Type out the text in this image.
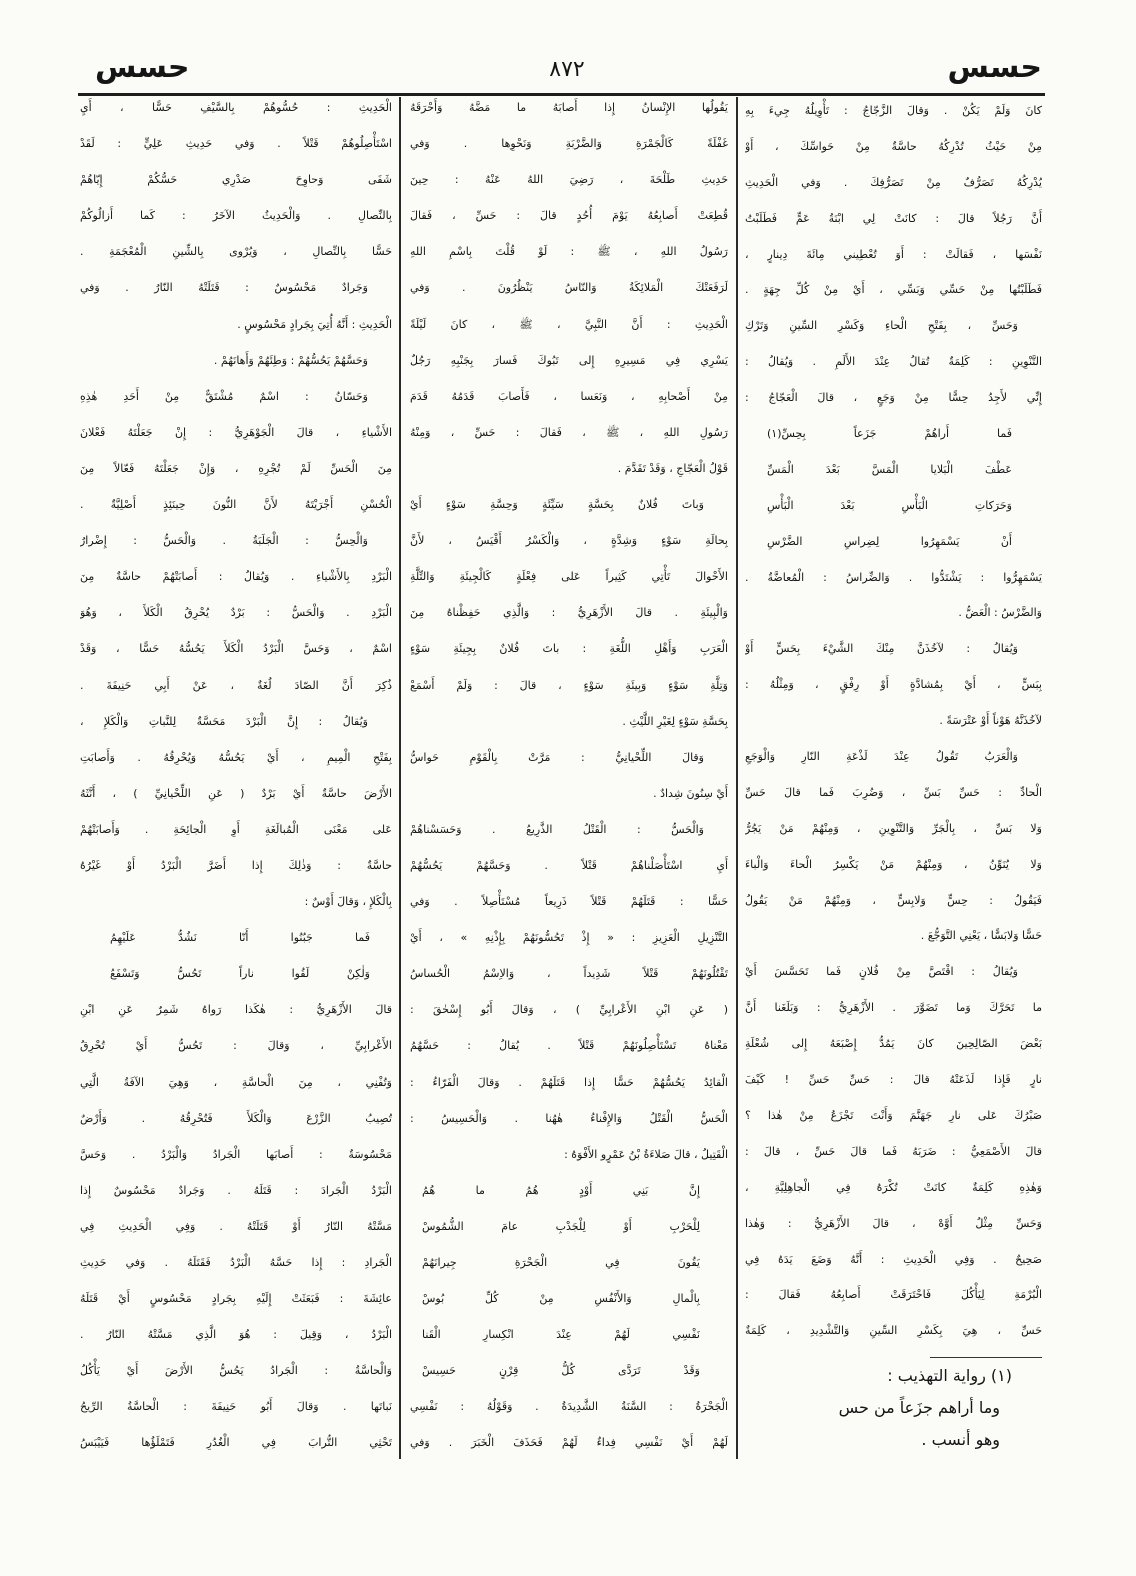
حسس
٨٧٢
حسس
كانَ وَلَمْ يَكُنْ . وَقالَ الزَّجّاجُ : تَأْوِيلُهُ جِيءَ بِهِ
مِنْ حَيْثُ تُدْرِكُهُ حاسَّةٌ مِنْ حَواسِّكَ ، أَوْ
يُدْرِكُهُ تَصَرُّفٌ مِنْ تَصَرُّفِكَ . وَفي الْحَدِيثِ
أَنَّ رَجُلاً قالَ : كانَتْ لِي ابْنَةُ عَمٍّ فَطَلَبْتُ
نَفْسَها ، فَقالَتْ : أَوَ تُعْطِيني مِائَةَ دِينارٍ ،
فَطَلَبْتُها مِنْ حَسِّي وَبَسِّي ، أَيْ مِنْ كُلِّ جِهَةٍ .
وَحَسِّ ، بِفَتْحِ الْحاءِ وَكَسْرِ السِّينِ وَتَرْكِ
التَّنْوِينِ : كَلِمَةٌ تُقالُ عِنْدَ الأَلَمِ . وَيُقالُ :
إِنِّي لأَجِدُ حِسًّا مِنْ وَجَعٍ ، قالَ الْعَجّاجُ :
فَما أَراهُمْ جَزَعاً بِحِسِّ(١)
عَطْفَ الْبَلايا الْمَسَّ بَعْدَ الْمَسِّ
وَحَرَكاتِ الْبَأْسِ بَعْدَ الْبَأْسِ
أَنْ يَسْمَهِرُوا لِضِراسِ الضَّرْسِ
يَسْمَهِرُّوا : يَشْتَدُّوا . وَالضِّراسُ : الْمُعاضَّةُ .
وَالضَّرْسُ : الْعَضُّ .
وَيُقالُ : لآخُذَنَّ مِنْكَ الشَّيْءَ بِحَسٍّ أَوْ
بِبَسٍّ ، أَيْ بِمُشادَّةٍ أَوْ رِفْقٍ ، وَمِثْلُهُ :
لآخُذَنَّهُ هَوْناً أَوْ عَتْرَسَةً .
وَالْعَرَبُ تَقُولُ عِنْدَ لَذْعَةِ النّارِ وَالْوَجَعِ
الْحادِّ : حَسِّ بَسِّ ، وَضُرِبَ فَما قالَ حَسِّ
وَلا بَسِّ ، بِالْجَرِّ وَالتَّنْوِينِ ، وَمِنْهُمْ مَنْ يَجُرُّ
وَلا يُنَوِّنُ ، وَمِنْهُمْ مَنْ يَكْسِرُ الْحاءَ وَالْباءَ
فَيَقُولُ : حِسٍّ وَلابِسٍّ ، وَمِنْهُمْ مَنْ يَقُولُ
حَسًّا وَلابَسًّا ، يَعْنِي التَّوَجُّعَ .
وَيُقالُ : اقْتَصَّ مِنْ فُلانٍ فَما تَحَسَّسَ أَيْ
ما تَحَرَّكَ وَما تَضَوَّرَ . الأَزْهَرِيُّ : وَبَلَغَنا أَنَّ
بَعْضَ الصّالِحِينَ كانَ يَمُدُّ إِصْبَعَهُ إِلى شُعْلَةِ
نارٍ فَإِذا لَذَعَتْهُ قالَ : حَسِّ حَسِّ ! كَيْفَ
صَبْرُكَ عَلى نارِ جَهَنَّمَ وَأَنْتَ تَجْزَعُ مِنْ هٰذا ؟
قالَ الأَصْمَعِيُّ : ضَرَبَهُ فَما قالَ حَسِّ ، قالَ :
وَهٰذِهِ كَلِمَةٌ كانَتْ تُكْرَهُ فِي الْجاهِلِيَّةِ ،
وَحَسِّ مِثْلُ أَوَّهْ ، قالَ الأَزْهَرِيُّ : وَهٰذا
صَحِيحٌ . وَفِي الْحَدِيثِ : أَنَّهُ وَضَعَ يَدَهُ فِي
الْبُرْمَةِ لِيَأْكُلَ فَاحْتَرَقَتْ أَصابِعُهُ فَقالَ :
حَسِّ ، هِيَ بِكَسْرِ السِّينِ وَالتَّشْدِيدِ ، كَلِمَةٌ
يَقُولُها الإِنْسانُ إِذا أَصابَهُ ما مَضَّهُ وَأَحْرَقَهُ
غَفْلَةً كَالْجَمْرَةِ وَالضَّرْبَةِ وَنَحْوِها . وَفي
حَدِيثِ طَلْحَةَ ، رَضِيَ اللهُ عَنْهُ : حِينَ
قُطِعَتْ أَصابِعُهُ يَوْمَ أُحُدٍ قالَ : حَسِّ ، فَقالَ
رَسُولُ اللهِ ، ﷺ : لَوْ قُلْتَ بِاسْمِ اللهِ
لَرَفَعَتْكَ الْمَلائِكَةُ وَالنّاسُ يَنْظُرُونَ . وَفي
الْحَدِيثِ : أَنَّ النَّبِيَّ ، ﷺ ، كانَ لَيْلَةً
يَسْرِي فِي مَسِيرِهِ إِلى تَبُوكَ فَسارَ بِجَنْبِهِ رَجُلٌ
مِنْ أَصْحابِهِ ، وَنَعَسا ، فَأَصابَ قَدَمُهُ قَدَمَ
رَسُولِ اللهِ ، ﷺ ، فَقالَ : حَسِّ ، وَمِنْهُ
قَوْلُ الْعَجّاجِ ، وَقَدْ تَقَدَّمَ .
وَباتَ فُلانٌ بِحَسَّةٍ سَيِّئَةٍ وَحِسَّةِ سَوْءٍ أَيْ
بِحالَةِ سَوْءٍ وَشِدَّةٍ ، وَالْكَسْرُ أَقْيَسُ ، لأَنَّ
الأَحْوالَ تَأْتِي كَثِيراً عَلى فِعْلَةٍ كَالْجِيئَةِ وَالتِّلَّةِ
وَالْبِيئَةِ . قالَ الأَزْهَرِيُّ : وَالَّذِي حَفِظْناهُ مِنَ
الْعَرَبِ وَأَهْلِ اللُّغَةِ : باتَ فُلانٌ بِجِيئَةِ سَوْءٍ
وَتِلَّةِ سَوْءٍ وَبِيئَةِ سَوْءٍ ، قالَ : وَلَمْ أَسْمَعْ
بِحَسَّةِ سَوْءٍ لِغَيْرِ اللَّيْثِ .
وَقالَ اللِّحْيانِيُّ : مَرَّتْ بِالْقَوْمِ حَواسُّ
أَيْ سِنُونَ شِدادٌ .
وَالْحَسُّ : الْقَتْلُ الذَّرِيعُ . وَحَسَسْناهُمْ
أَيِ اسْتَأْصَلْناهُمْ قَتْلاً . وَحَسَّهُمْ يَحُسُّهُمْ
حَسًّا : قَتَلَهُمْ قَتْلاً ذَرِيعاً مُسْتَأْصِلاً . وَفي
التَّنْزِيلِ الْعَزِيزِ : « إِذْ تَحُسُّونَهُمْ بِإِذْنِهِ » ، أَيْ
تَقْتُلُونَهُمْ قَتْلاً شَدِيداً ، وَالاِسْمُ الْحُساسُ
( عَنِ ابْنِ الأَعْرابِيِّ ) ، وَقالَ أَبُو إِسْحٰقَ :
مَعْناهُ تَسْتَأْصِلُونَهُمْ قَتْلاً . يُقالُ : حَسَّهُمُ
الْقائِدُ يَحُسُّهُمْ حَسًّا إِذا قَتَلَهُمْ . وَقالَ الْفَرّاءُ :
الْحَسُّ الْقَتْلُ وَالإِفْناءُ هٰهُنا . وَالْحَسِيسُ :
الْقَتِيلُ ، قالَ صَلاءَةُ بْنُ عَمْرٍو الأَفْوَهُ :
إِنَّ بَنِي أَوْدٍ هُمُ ما هُمُ
لِلْحَرْبِ أَوْ لِلْجَدْبِ عامَ الشُّمُوسْ
يَقُونَ فِي الْجَحْرَةِ جِيرانَهُمْ
بِالْمالِ وَالأَنْفُسِ مِنْ كُلِّ بُوسْ
نَفْسِي لَهُمْ عِنْدَ انْكِسارِ الْقَنا
وَقَدْ تَرَدَّى كُلُّ قِرْنٍ حَسِيسْ
الْجَحْرَةُ : السَّنَةُ الشَّدِيدَةُ . وَقَوْلُهُ : نَفْسِي
لَهُمْ أَيْ نَفْسِي فِداءٌ لَهُمْ فَحَذَفَ الْخَبَرَ . وَفي
الْحَدِيثِ : حُسُّوهُمْ بِالسَّيْفِ حَسًّا ، أَيِ
اسْتَأْصِلُوهُمْ قَتْلاً . وَفي حَدِيثِ عَلِيٍّ : لَقَدْ
شَفَى وَحاوِحَ صَدْرِي حَسُّكُمْ إِيّاهُمْ
بِالنِّصالِ . وَالْحَدِيثُ الآخَرُ : كَما أَزالُوكُمْ
حَسًّا بِالنِّصالِ ، وَيُرْوى بِالشِّينِ الْمُعْجَمَةِ .
وَجَرادٌ مَحْسُوسٌ : قَتَلَتْهُ النّارُ . وَفي
الْحَدِيثِ : أَنَّهُ أُتِيَ بِجَرادٍ مَحْسُوسٍ .
وَحَسَّهُمْ يَحُسُّهُمْ : وَطِئَهُمْ وَأَهانَهُمْ .
وَحَسّانُ : اسْمٌ مُشْتَقٌّ مِنْ أَحَدِ هٰذِهِ
الأَشْياءِ ، قالَ الْجَوْهَرِيُّ : إِنْ جَعَلْتَهُ فَعْلانَ
مِنَ الْحَسِّ لَمْ تُجْرِهِ ، وَإِنْ جَعَلْتَهُ فَعّالاً مِنَ
الْحُسْنِ أَجْرَيْتَهُ لأَنَّ النُّونَ حِينَئِذٍ أَصْلِيَّةٌ .
وَالْحِسُّ : الْجَلَبَةُ . وَالْحَسُّ : إِضْرارُ
الْبَرْدِ بِالأَشْياءِ . وَيُقالُ : أَصابَتْهُمْ حاسَّةٌ مِنَ
الْبَرْدِ . وَالْحَسُّ : بَرْدٌ يُحْرِقُ الْكَلأَ ، وَهُوَ
اسْمٌ ، وَحَسَّ الْبَرْدُ الْكَلأَ يَحُسُّهُ حَسًّا ، وَقَدْ
ذُكِرَ أَنَّ الصّادَ لُغَةٌ ، عَنْ أَبِي حَنِيفَةَ .
وَيُقالُ : إِنَّ الْبَرْدَ مَحَسَّةٌ لِلنَّباتِ وَالْكَلإِ ،
بِفَتْحِ الْمِيمِ ، أَيْ يَحُسُّهُ وَيُحْرِقُهُ . وَأَصابَتِ
الأَرْضَ حاسَّةٌ أَيْ بَرْدٌ ( عَنِ اللِّحْيانِيِّ ) ، أَنَّثَهُ
عَلى مَعْنَى الْمُبالَغَةِ أَوِ الْجائِحَةِ . وَأَصابَتْهُمْ
حاسَّةٌ : وَذٰلِكَ إِذا أَضَرَّ الْبَرْدُ أَوْ غَيْرُهُ
بِالْكَلإِ ، وَقالَ أَوْسٌ :
فَما جَبُنُوا أَنّا نَشُدُّ عَلَيْهِمُ
وَلٰكِنْ لَقُوا ناراً تَحُسُّ وَتَسْفَعُ
قالَ الأَزْهَرِيُّ : هٰكَذا رَواهُ شَمِرٌ عَنِ ابْنِ
الأَعْرابِيِّ ، وَقالَ : تَحُسُّ أَيْ تُحْرِقُ
وَتُفْنِي ، مِنَ الْحاسَّةِ ، وَهِيَ الآفَةُ الَّتِي
تُصِيبُ الزَّرْعَ وَالْكَلأَ فَتُحْرِقُهُ . وَأَرْضٌ
مَحْسُوسَةٌ : أَصابَها الْجَرادُ وَالْبَرْدُ . وَحَسَّ
الْبَرْدُ الْجَرادَ : قَتَلَهُ . وَجَرادٌ مَحْسُوسٌ إِذا
مَسَّتْهُ النّارُ أَوْ قَتَلَتْهُ . وَفِي الْحَدِيثِ فِي
الْجَرادِ : إِذا حَسَّهُ الْبَرْدُ فَقَتَلَهُ . وَفي حَدِيثِ
عائِشَةَ : فَبَعَثَتْ إِلَيْهِ بِجَرادٍ مَحْسُوسٍ أَيْ قَتَلَهُ
الْبَرْدُ ، وَقِيلَ : هُوَ الَّذِي مَسَّتْهُ النّارُ .
وَالْحاسَّةُ : الْجَرادُ يَحُسُّ الأَرْضَ أَيْ يَأْكُلُ
نَباتَها . وَقالَ أَبُو حَنِيفَةَ : الْحاسَّةُ الرِّيحُ
تَحْثِي التُّرابَ فِي الْغُدُرِ فَتَمْلَؤُها فَيَيْبَسُ
(١) رواية التهذيب :
وما أراهم جزَعاً من حس
وهو أنسب .
